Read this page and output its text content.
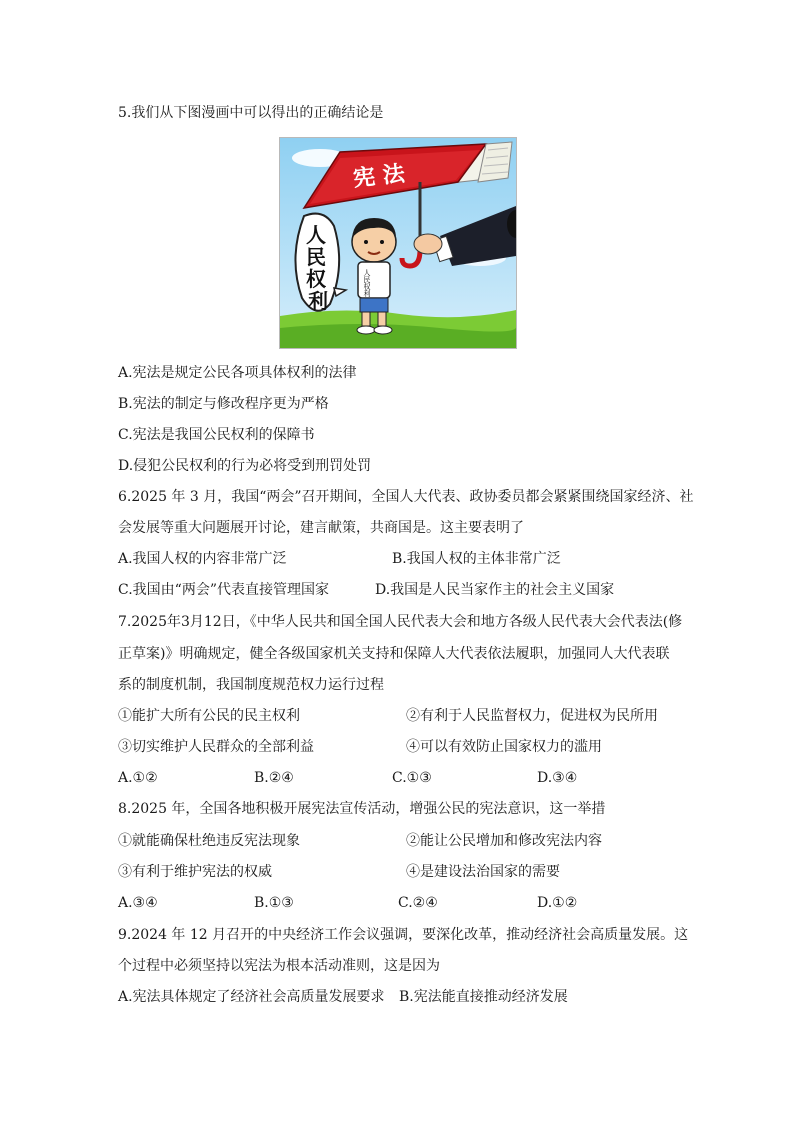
5.我们从下图漫画中可以得出的正确结论是
宪 法
人
民
权
利
人民权利
A.宪法是规定公民各项具体权利的法律
B.宪法的制定与修改程序更为严格
C.宪法是我国公民权利的保障书
D.侵犯公民权利的行为必将受到刑罚处罚
6.2025 年 3 月，我国“两会”召开期间，全国人大代表、政协委员都会紧紧围绕国家经济、社
会发展等重大问题展开讨论，建言献策，共商国是。这主要表明了
A.我国人权的内容非常广泛	B.我国人权的主体非常广泛
C.我国由“两会”代表直接管理国家	D.我国是人民当家作主的社会主义国家
7.2025年3月12日，《中华人民共和国全国人民代表大会和地方各级人民代表大会代表法(修
正草案)》明确规定，健全各级国家机关支持和保障人大代表依法履职，加强同人大代表联
系的制度机制，我国制度规范权力运行过程
①能扩大所有公民的民主权利	②有利于人民监督权力，促进权为民所用
③切实维护人民群众的全部利益	④可以有效防止国家权力的滥用
A.①②	B.②④	C.①③	D.③④
8.2025 年，全国各地积极开展宪法宣传活动，增强公民的宪法意识，这一举措
①就能确保杜绝违反宪法现象	②能让公民增加和修改宪法内容
③有利于维护宪法的权威	④是建设法治国家的需要
A.③④	B.①③	C.②④	D.①②
9.2024 年 12 月召开的中央经济工作会议强调，要深化改革，推动经济社会高质量发展。这
个过程中必须坚持以宪法为根本活动准则，这是因为
A.宪法具体规定了经济社会高质量发展要求 B.宪法能直接推动经济发展
